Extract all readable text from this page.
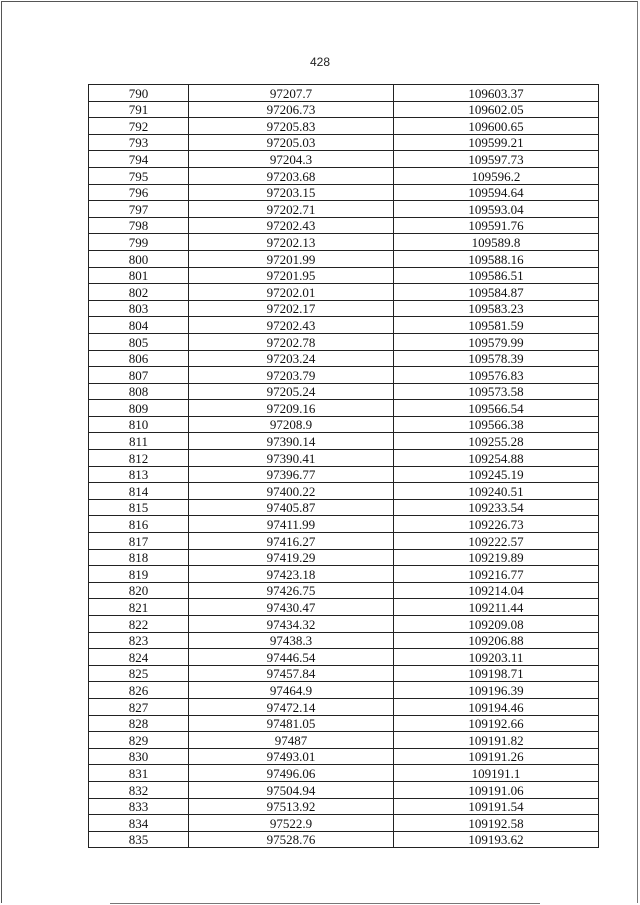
428
790	97207.7	109603.37
791	97206.73	109602.05
792	97205.83	109600.65
793	97205.03	109599.21
794	97204.3	109597.73
795	97203.68	109596.2
796	97203.15	109594.64
797	97202.71	109593.04
798	97202.43	109591.76
799	97202.13	109589.8
800	97201.99	109588.16
801	97201.95	109586.51
802	97202.01	109584.87
803	97202.17	109583.23
804	97202.43	109581.59
805	97202.78	109579.99
806	97203.24	109578.39
807	97203.79	109576.83
808	97205.24	109573.58
809	97209.16	109566.54
810	97208.9	109566.38
811	97390.14	109255.28
812	97390.41	109254.88
813	97396.77	109245.19
814	97400.22	109240.51
815	97405.87	109233.54
816	97411.99	109226.73
817	97416.27	109222.57
818	97419.29	109219.89
819	97423.18	109216.77
820	97426.75	109214.04
821	97430.47	109211.44
822	97434.32	109209.08
823	97438.3	109206.88
824	97446.54	109203.11
825	97457.84	109198.71
826	97464.9	109196.39
827	97472.14	109194.46
828	97481.05	109192.66
829	97487	109191.82
830	97493.01	109191.26
831	97496.06	109191.1
832	97504.94	109191.06
833	97513.92	109191.54
834	97522.9	109192.58
835	97528.76	109193.62
